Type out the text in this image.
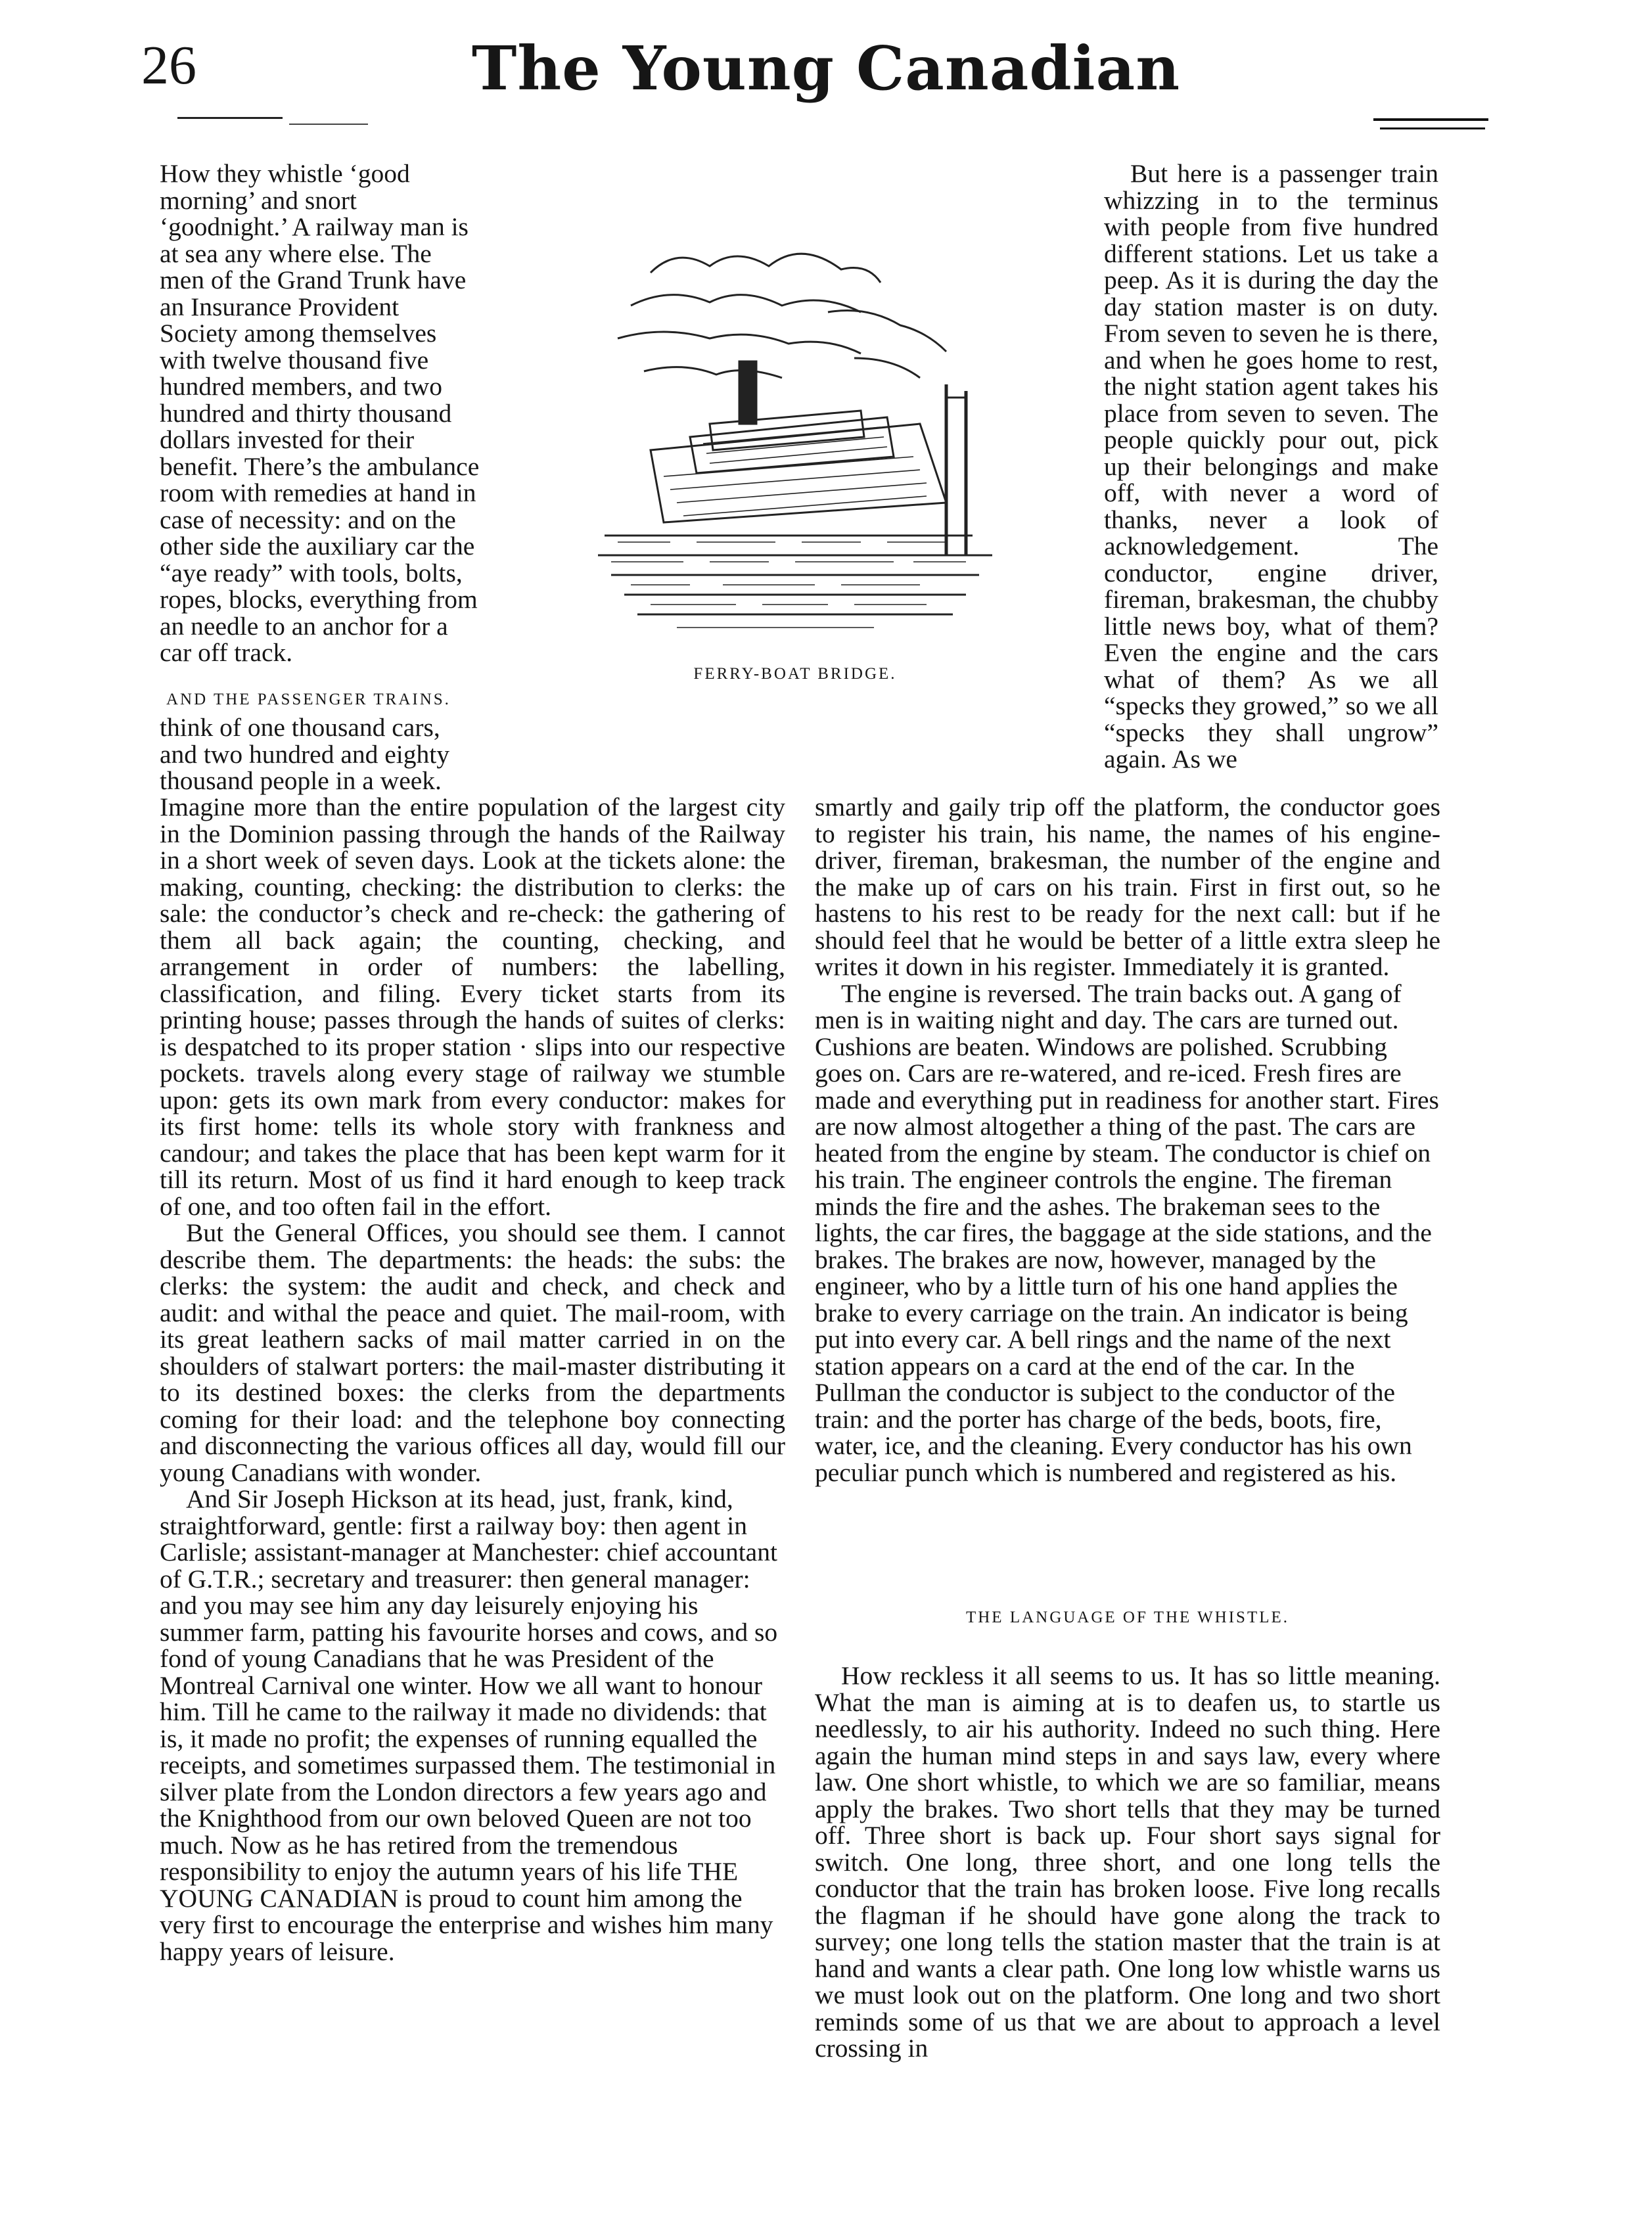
26	The Young Canadian

How they whistle ‘good morning’ and snort ‘goodnight.’ A railway man is at sea any where else. The men of the Grand Trunk have an Insurance Provident Society among themselves with twelve thousand five hundred members, and two hundred and thirty thousand dollars invested for their benefit. There’s the ambulance room with remedies at hand in case of necessity: and on the other side the auxiliary car the “aye ready” with tools, bolts, ropes, blocks, everything from an needle to an anchor for a car off track.

AND THE PASSENGER TRAINS.

think of one thousand cars, and two hundred and eighty thousand people in a week.

FERRY-BOAT BRIDGE.

But here is a passenger train whizzing in to the terminus with people from five hundred different stations. Let us take a peep. As it is during the day the day station master is on duty. From seven to seven he is there, and when he goes home to rest, the night station agent takes his place from seven to seven. The people quickly pour out, pick up their belongings and make off, with never a word of thanks, never a look of acknowledgement. The conductor, engine driver, fireman, brakesman, the chubby little news boy, what of them? Even the engine and the cars what of them? As we all “specks they growed,” so we all “specks they shall ungrow” again. As we

Imagine more than the entire population of the largest city in the Dominion passing through the hands of the Railway in a short week of seven days. Look at the tickets alone: the making, counting, checking: the distribution to clerks: the sale: the conductor’s check and re-check: the gathering of them all back again; the counting, checking, and arrangement in order of numbers: the labelling, classification, and filing. Every ticket starts from its printing house; passes through the hands of suites of clerks: is despatched to its proper station · slips into our respective pockets. travels along every stage of railway we stumble upon: gets its own mark from every conductor: makes for its first home: tells its whole story with frankness and candour; and takes the place that has been kept warm for it till its return. Most of us find it hard enough to keep track of one, and too often fail in the effort.

But the General Offices, you should see them. I cannot describe them. The departments: the heads: the subs: the clerks: the system: the audit and check, and check and audit: and withal the peace and quiet. The mail-room, with its great leathern sacks of mail matter carried in on the shoulders of stalwart porters: the mail-master distributing it to its destined boxes: the clerks from the departments coming for their load: and the telephone boy connecting and disconnecting the various offices all day, would fill our young Canadians with wonder.

And Sir Joseph Hickson at its head, just, frank, kind, straightforward, gentle: first a railway boy: then agent in Carlisle; assistant-manager at Manchester: chief accountant of G.T.R.; secretary and treasurer: then general manager: and you may see him any day leisurely enjoying his summer farm, patting his favourite horses and cows, and so fond of young Canadians that he was President of the Montreal Carnival one winter. How we all want to honour him. Till he came to the railway it made no dividends: that is, it made no profit; the expenses of running equalled the receipts, and sometimes surpassed them. The testimonial in silver plate from the London directors a few years ago and the Knighthood from our own beloved Queen are not too much. Now as he has retired from the tremendous responsibility to enjoy the autumn years of his life THE YOUNG CANADIAN is proud to count him among the very first to encourage the enterprise and wishes him many happy years of leisure.

smartly and gaily trip off the platform, the conductor goes to register his train, his name, the names of his engine-driver, fireman, brakesman, the number of the engine and the make up of cars on his train. First in first out, so he hastens to his rest to be ready for the next call: but if he should feel that he would be better of a little extra sleep he writes it down in his register. Immediately it is granted.

The engine is reversed. The train backs out. A gang of men is in waiting night and day. The cars are turned out. Cushions are beaten. Windows are polished. Scrubbing goes on. Cars are re-watered, and re-iced. Fresh fires are made and everything put in readiness for another start. Fires are now almost altogether a thing of the past. The cars are heated from the engine by steam. The conductor is chief on his train. The engineer controls the engine. The fireman minds the fire and the ashes. The brakeman sees to the lights, the car fires, the baggage at the side stations, and the brakes. The brakes are now, however, managed by the engineer, who by a little turn of his one hand applies the brake to every carriage on the train. An indicator is being put into every car. A bell rings and the name of the next station appears on a card at the end of the car. In the Pullman the conductor is subject to the conductor of the train: and the porter has charge of the beds, boots, fire, water, ice, and the cleaning. Every conductor has his own peculiar punch which is numbered and registered as his.

THE LANGUAGE OF THE WHISTLE.

How reckless it all seems to us. It has so little meaning. What the man is aiming at is to deafen us, to startle us needlessly, to air his authority. Indeed no such thing. Here again the human mind steps in and says law, every where law. One short whistle, to which we are so familiar, means apply the brakes. Two short tells that they may be turned off. Three short is back up. Four short says signal for switch. One long, three short, and one long tells the conductor that the train has broken loose. Five long recalls the flagman if he should have gone along the track to survey; one long tells the station master that the train is at hand and wants a clear path. One long low whistle warns us we must look out on the platform. One long and two short reminds some of us that we are about to approach a level crossing in
